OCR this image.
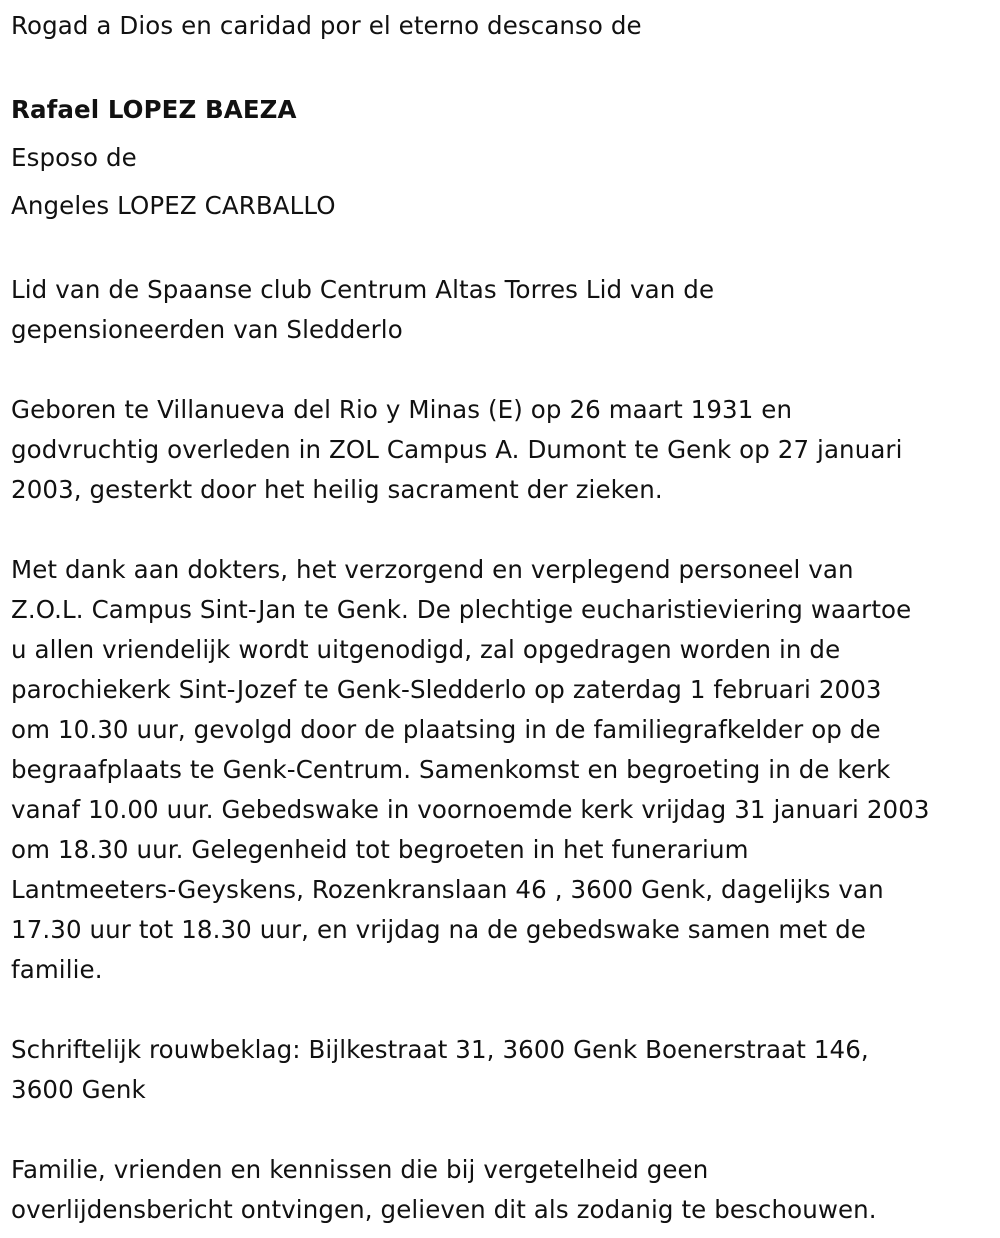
Rogad a Dios en caridad por el eterno descanso de
Rafael LOPEZ BAEZA
Esposo de
Angeles LOPEZ CARBALLO
Lid van de Spaanse club Centrum Altas Torres Lid van de
gepensioneerden van Sledderlo
Geboren te Villanueva del Rio y Minas (E) op 26 maart 1931 en
godvruchtig overleden in ZOL Campus A. Dumont te Genk op 27 januari
2003, gesterkt door het heilig sacrament der zieken.
Met dank aan dokters, het verzorgend en verplegend personeel van
Z.O.L. Campus Sint-Jan te Genk. De plechtige eucharistieviering waartoe
u allen vriendelijk wordt uitgenodigd, zal opgedragen worden in de
parochiekerk Sint-Jozef te Genk-Sledderlo op zaterdag 1 februari 2003
om 10.30 uur, gevolgd door de plaatsing in de familiegrafkelder op de
begraafplaats te Genk-Centrum. Samenkomst en begroeting in de kerk
vanaf 10.00 uur. Gebedswake in voornoemde kerk vrijdag 31 januari 2003
om 18.30 uur. Gelegenheid tot begroeten in het funerarium
Lantmeeters-Geyskens, Rozenkranslaan 46 , 3600 Genk, dagelijks van
17.30 uur tot 18.30 uur, en vrijdag na de gebedswake samen met de
familie.
Schriftelijk rouwbeklag: Bijlkestraat 31, 3600 Genk Boenerstraat 146,
3600 Genk
Familie, vrienden en kennissen die bij vergetelheid geen
overlijdensbericht ontvingen, gelieven dit als zodanig te beschouwen.
